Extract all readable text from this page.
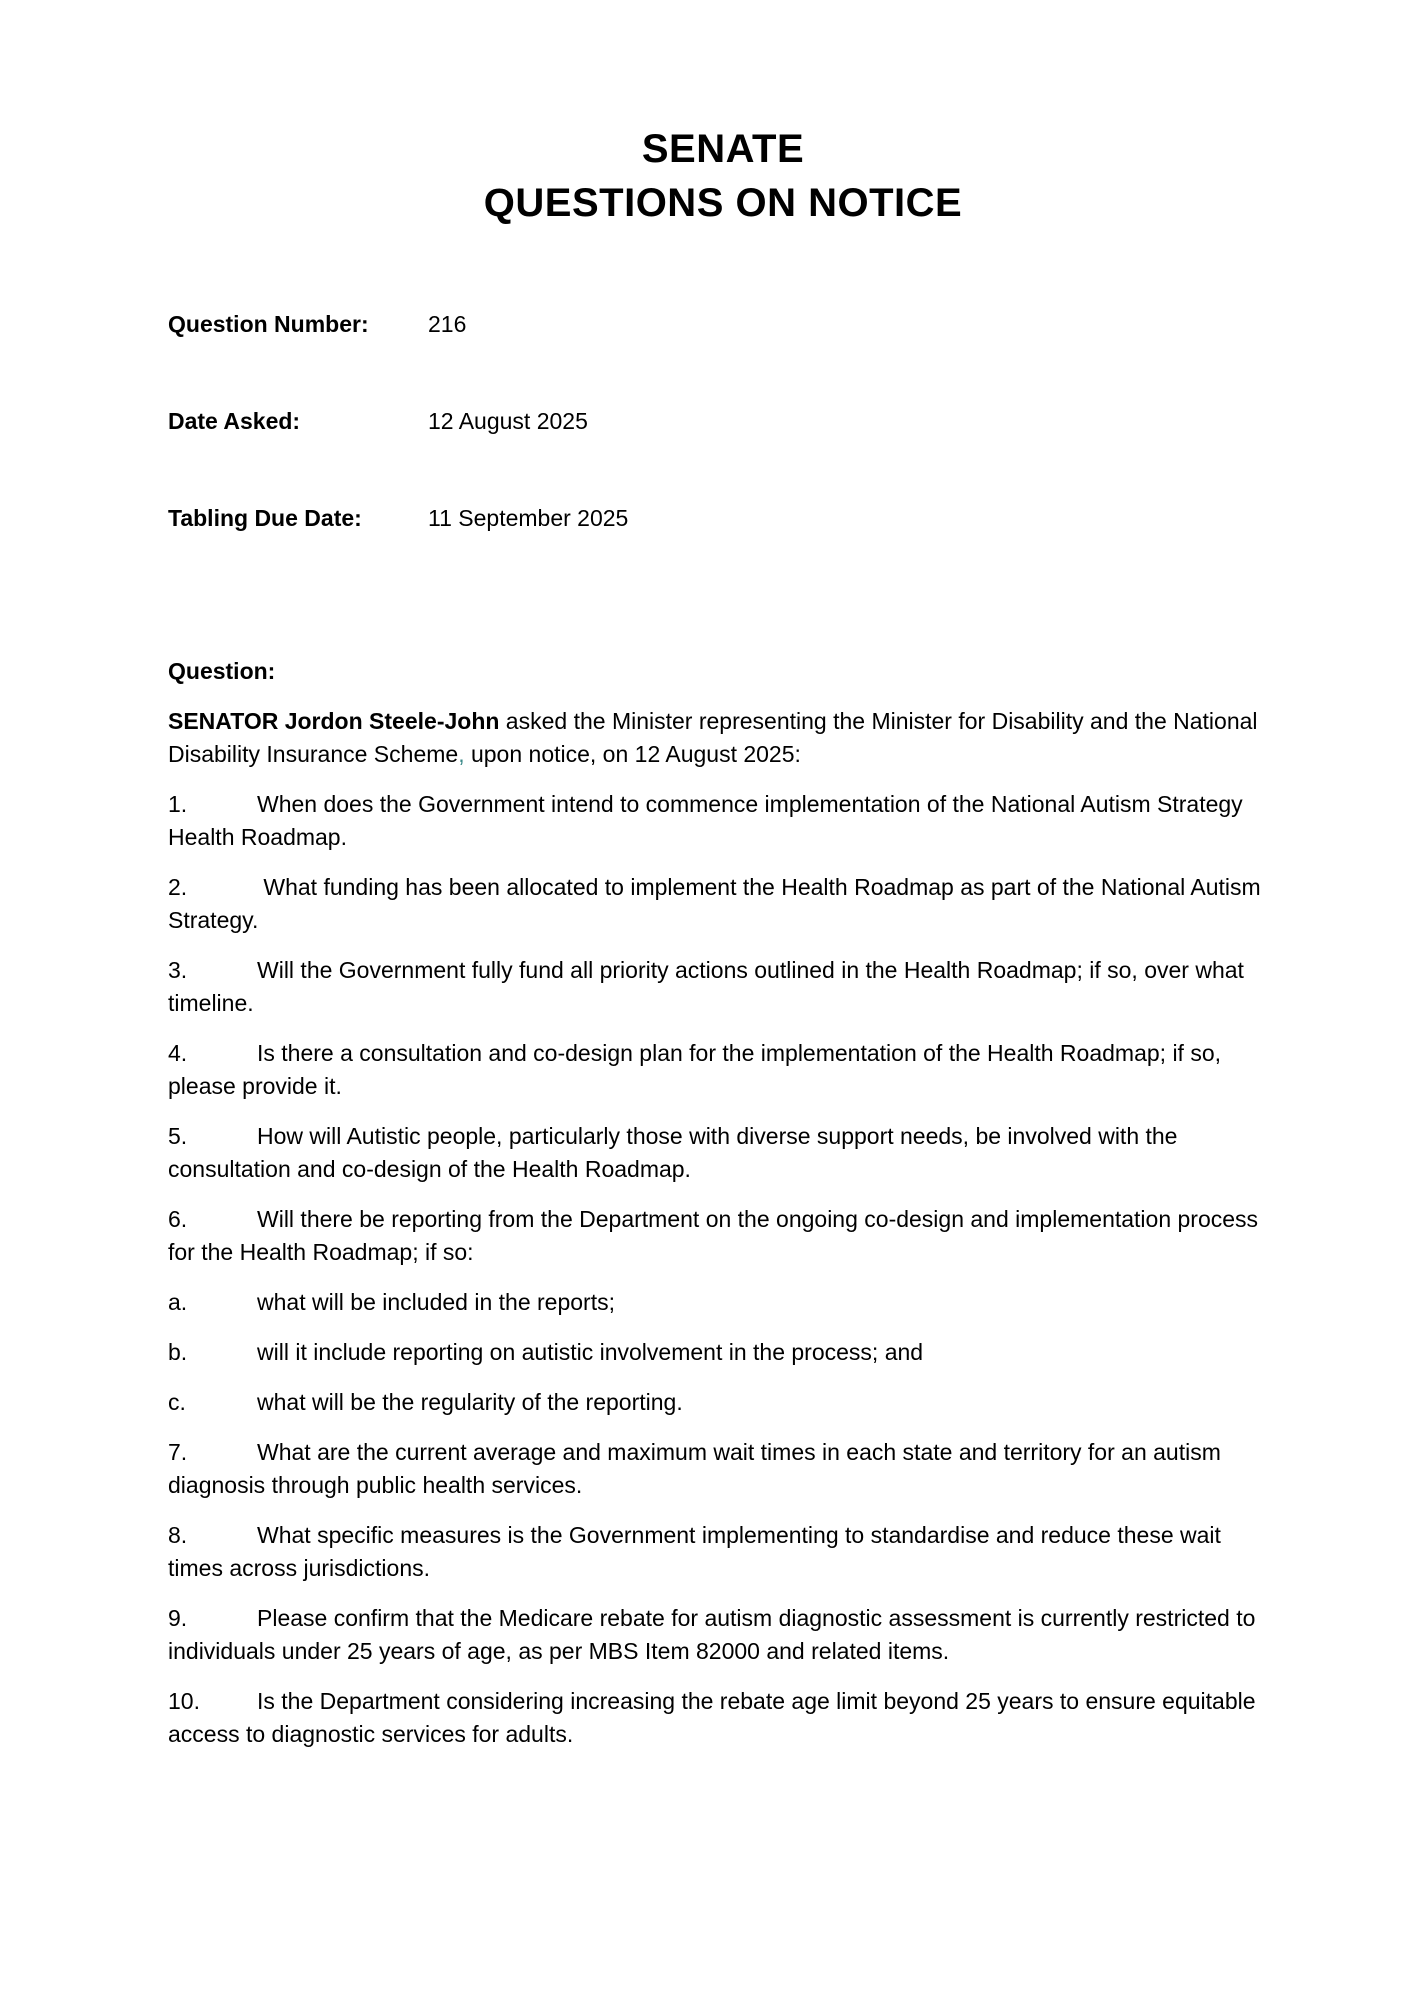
SENATE
QUESTIONS ON NOTICE
Question Number:	216
Date Asked:	12 August 2025
Tabling Due Date:	11 September 2025

Question:

SENATOR Jordon Steele-John asked the Minister representing the Minister for Disability and the National Disability Insurance Scheme, upon notice, on 12 August 2025:

1.	When does the Government intend to commence implementation of the National Autism Strategy Health Roadmap.

2.	What funding has been allocated to implement the Health Roadmap as part of the National Autism Strategy.

3.	Will the Government fully fund all priority actions outlined in the Health Roadmap; if so, over what timeline.

4.	Is there a consultation and co-design plan for the implementation of the Health Roadmap; if so, please provide it.

5.	How will Autistic people, particularly those with diverse support needs, be involved with the consultation and co-design of the Health Roadmap.

6.	Will there be reporting from the Department on the ongoing co-design and implementation process for the Health Roadmap; if so:

a.	what will be included in the reports;

b.	will it include reporting on autistic involvement in the process; and

c.	what will be the regularity of the reporting.

7.	What are the current average and maximum wait times in each state and territory for an autism diagnosis through public health services.

8.	What specific measures is the Government implementing to standardise and reduce these wait times across jurisdictions.

9.	Please confirm that the Medicare rebate for autism diagnostic assessment is currently restricted to individuals under 25 years of age, as per MBS Item 82000 and related items.

10. Is the Department considering increasing the rebate age limit beyond 25 years to ensure equitable access to diagnostic services for adults.
